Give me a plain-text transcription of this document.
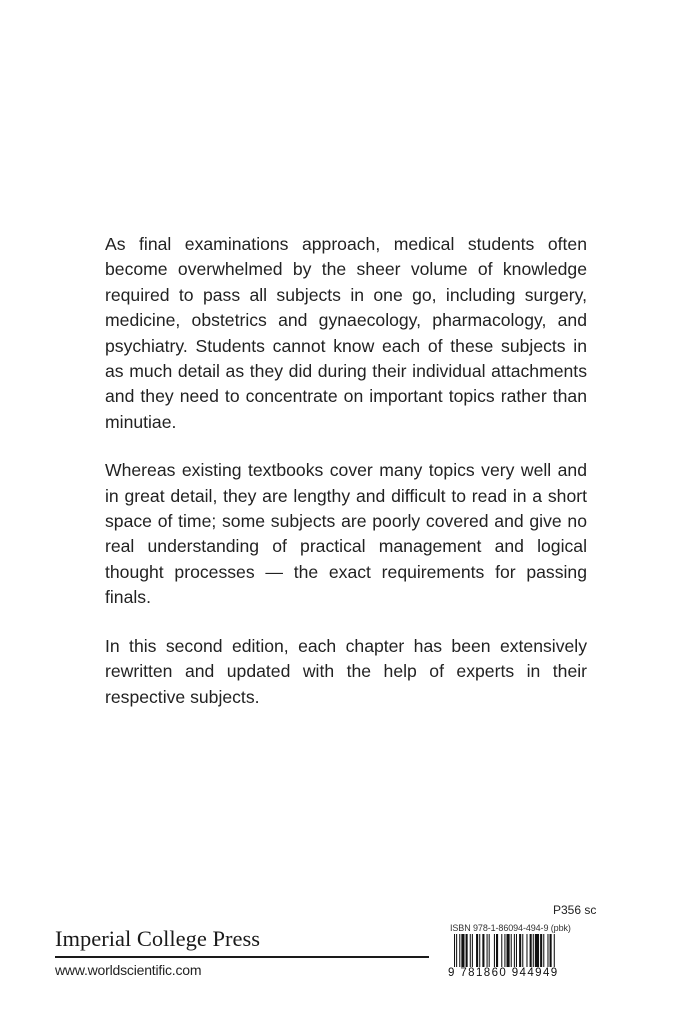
As final examinations approach, medical students often become overwhelmed by the sheer volume of knowledge required to pass all subjects in one go, including surgery, medicine, obstetrics and gynaecology, pharmacology, and psychiatry. Students cannot know each of these subjects in as much detail as they did during their individual attachments and they need to concentrate on important topics rather than minutiae.

Whereas existing textbooks cover many topics very well and in great detail, they are lengthy and difficult to read in a short space of time; some subjects are poorly covered and give no real understanding of practical management and logical thought processes — the exact requirements for passing finals.

In this second edition, each chapter has been extensively rewritten and updated with the help of experts in their respective subjects.

Imperial College Press
www.worldscientific.com
P356 sc
ISBN 978-1-86094-494-9 (pbk)
9 781860 944949
